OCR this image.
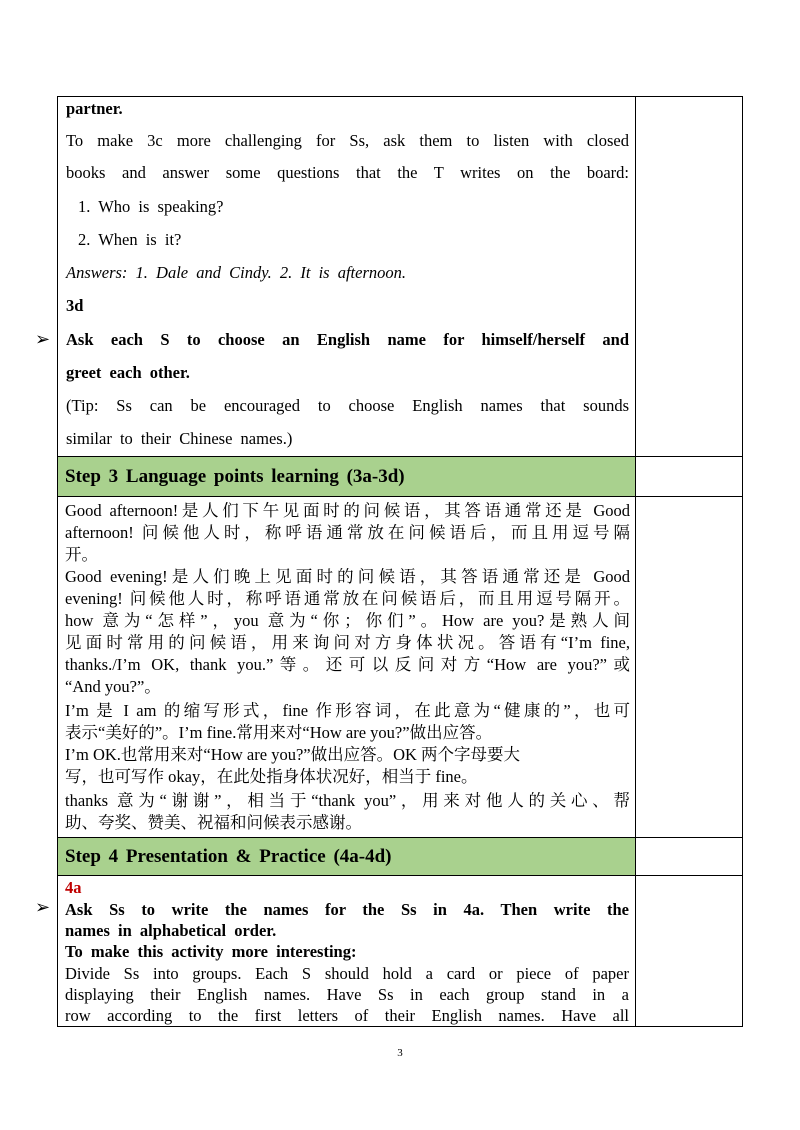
partner.
To make 3c more challenging for Ss, ask them to listen with closed
books and answer some questions that the T writes on the board:
1. Who is speaking?
2. When is it?
Answers: 1. Dale and Cindy. 2. It is afternoon.
3d
Ask each S to choose an English name for himself/herself and
greet each other.
(Tip: Ss can be encouraged to choose English names that sounds
similar to their Chinese names.)
Step 3 Language points learning (3a-3d)
Good afternoon!是人们下午见面时的问候语，其答语通常还是 Good
afternoon! 问候他人时，称呼语通常放在问候语后，而且用逗号隔
开。
Good evening!是人们晚上见面时的问候语，其答语通常还是 Good
evening! 问候他人时，称呼语通常放在问候语后，而且用逗号隔开。
how 意为“怎样”，you 意为“你；你们”。How are you?是熟人间
见面时常用的问候语，用来询问对方身体状况。答语有“I’m fine,
thanks./I’m OK, thank you.”等。还可以反问对方“How are you?”或
“And you?”。
I’m 是 I am 的缩写形式，fine 作形容词，在此意为“健康的”，也可
表示“美好的”。I’m fine.常用来对“How are you?”做出应答。
I’m OK.也常用来对“How are you?”做出应答。OK 两个字母要大
写，也可写作 okay，在此处指身体状况好，相当于 fine。
thanks 意为“谢谢”，相当于“thank you”，用来对他人的关心、帮
助、夸奖、赞美、祝福和问候表示感谢。
Step 4 Presentation & Practice (4a-4d)
4a
Ask Ss to write the names for the Ss in 4a. Then write the
names in alphabetical order.
To make this activity more interesting:
Divide Ss into groups. Each S should hold a card or piece of paper
displaying their English names. Have Ss in each group stand in a
row according to the first letters of their English names. Have all
➢
➢
3
